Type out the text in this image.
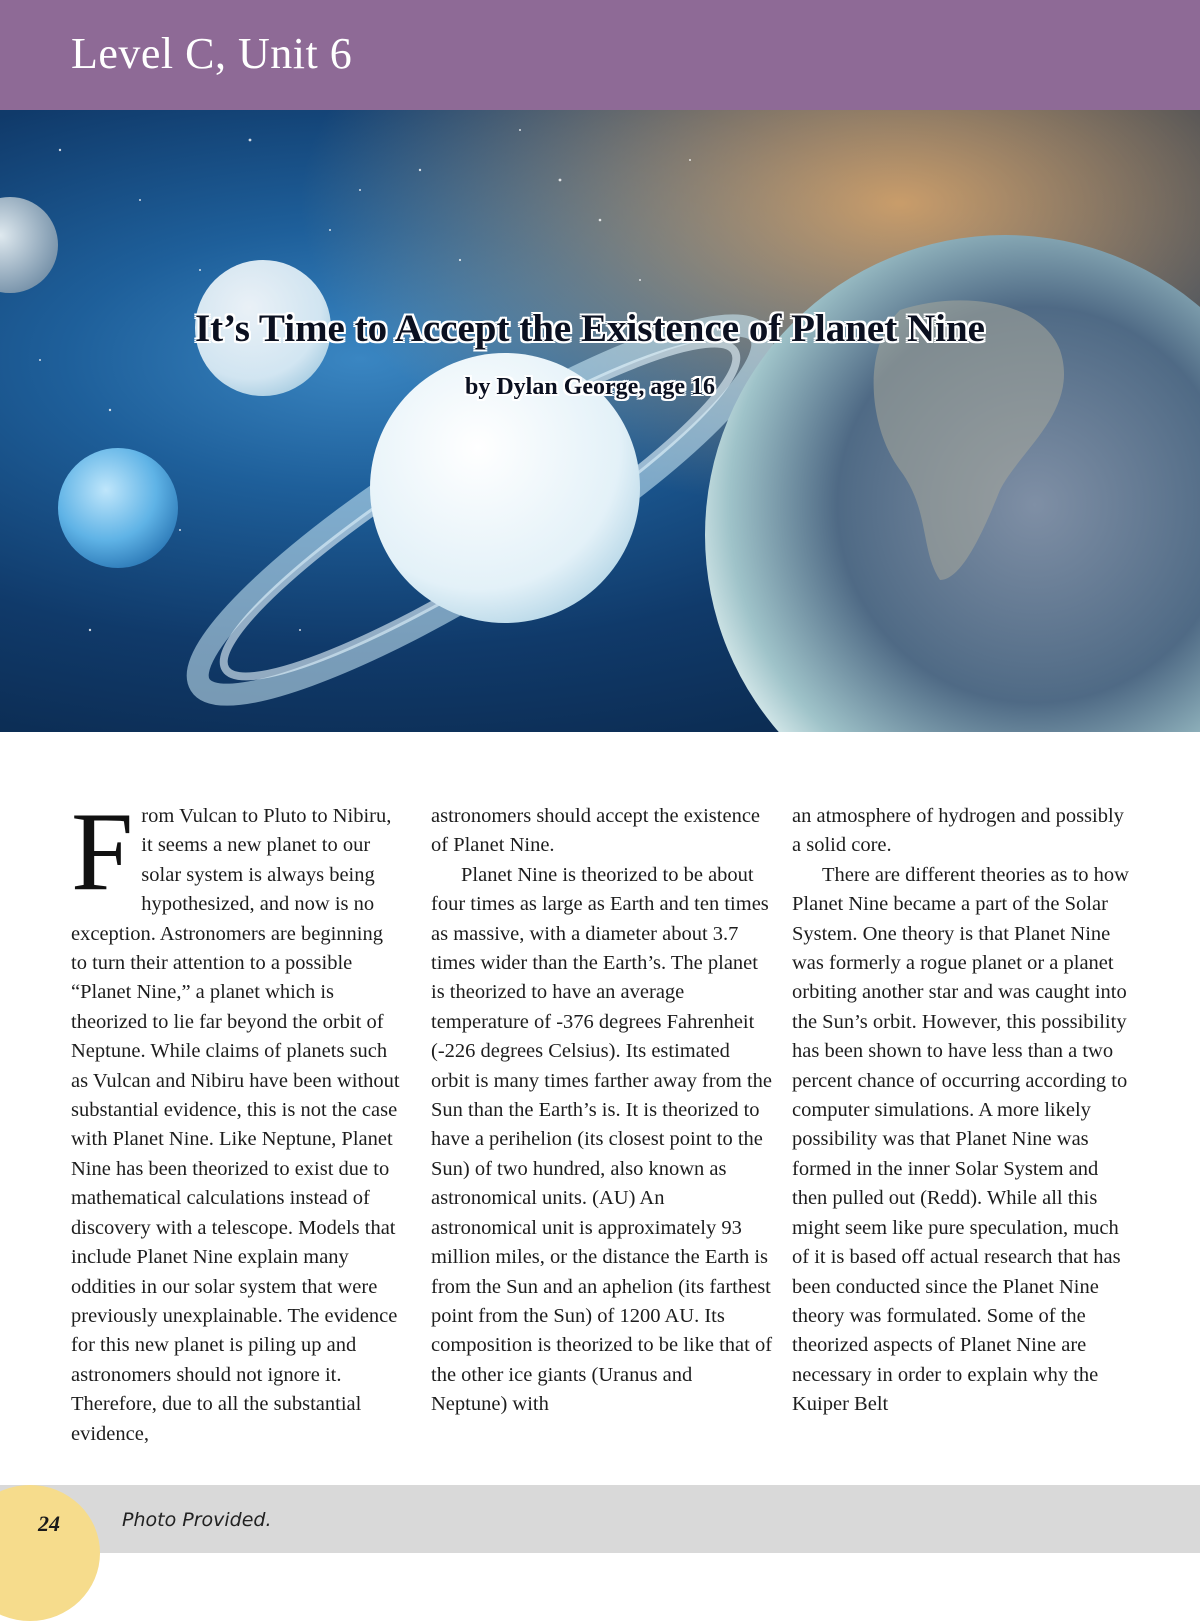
Level C, Unit 6
It’s Time to Accept the Existence of Planet Nine
by Dylan George, age 16

F rom Vulcan to Pluto to Nibiru, it seems a new planet to our solar system is always being hypothesized, and now is no exception. Astronomers are beginning to turn their attention to a possible “Planet Nine,” a planet which is theorized to lie far beyond the orbit of Neptune. While claims of planets such as Vulcan and Nibiru have been without substantial evidence, this is not the case with Planet Nine. Like Neptune, Planet Nine has been theorized to exist due to mathematical calculations instead of discovery with a telescope. Models that include Planet Nine explain many oddities in our solar system that were previously unexplainable. The evidence for this new planet is piling up and astronomers should not ignore it. Therefore, due to all the substantial evidence,

astronomers should accept the existence of Planet Nine.

Planet Nine is theorized to be about four times as large as Earth and ten times as massive, with a diameter about 3.7 times wider than the Earth’s. The planet is theorized to have an average temperature of -376 degrees Fahrenheit (-226 degrees Celsius). Its estimated orbit is many times farther away from the Sun than the Earth’s is. It is theorized to have a perihelion (its closest point to the Sun) of two hundred, also known as astronomical units. (AU) An astronomical unit is approximately 93 million miles, or the distance the Earth is from the Sun and an aphelion (its farthest point from the Sun) of 1200 AU. Its composition is theorized to be like that of the other ice giants (Uranus and Neptune) with

an atmosphere of hydrogen and possibly a solid core.

There are different theories as to how Planet Nine became a part of the Solar System. One theory is that Planet Nine was formerly a rogue planet or a planet orbiting another star and was caught into the Sun’s orbit. However, this possibility has been shown to have less than a two percent chance of occurring according to computer simulations. A more likely possibility was that Planet Nine was formed in the inner Solar System and then pulled out (Redd). While all this might seem like pure speculation, much of it is based off actual research that has been conducted since the Planet Nine theory was formulated. Some of the theorized aspects of Planet Nine are necessary in order to explain why the Kuiper Belt

24	Photo Provided.
